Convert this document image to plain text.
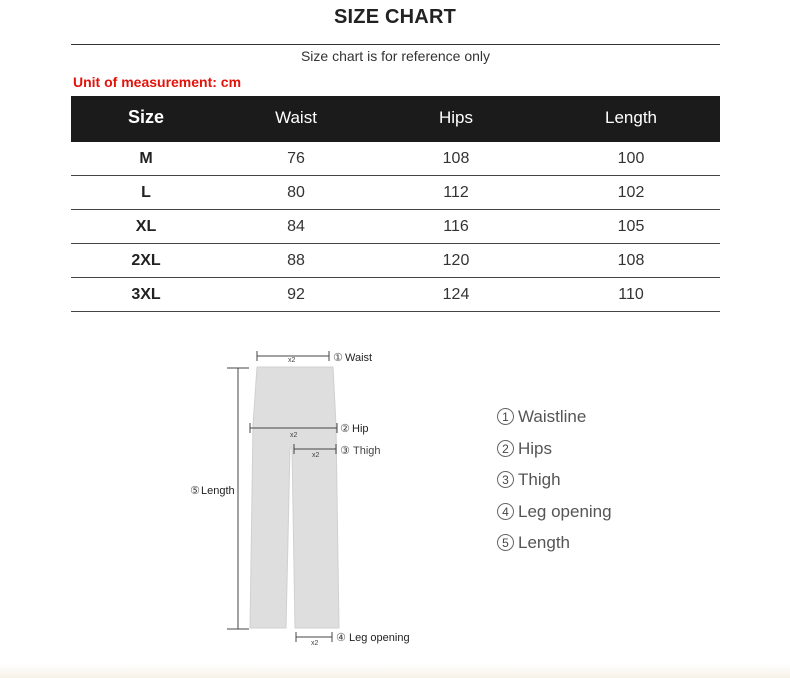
SIZE CHART
Size chart is for reference only
Unit of measurement: cm
Size	Waist	Hips	Length
M	76	108	100
L	80	112	102
XL	84	116	105
2XL	88	120	108
3XL	92	124	110
x2	① Waist
x2
② Hip
x2 ③ Thigh
⑤ Length
x2 ④ Leg opening
1 Waistline
2 Hips
3 Thigh
4 Leg opening
5 Length
